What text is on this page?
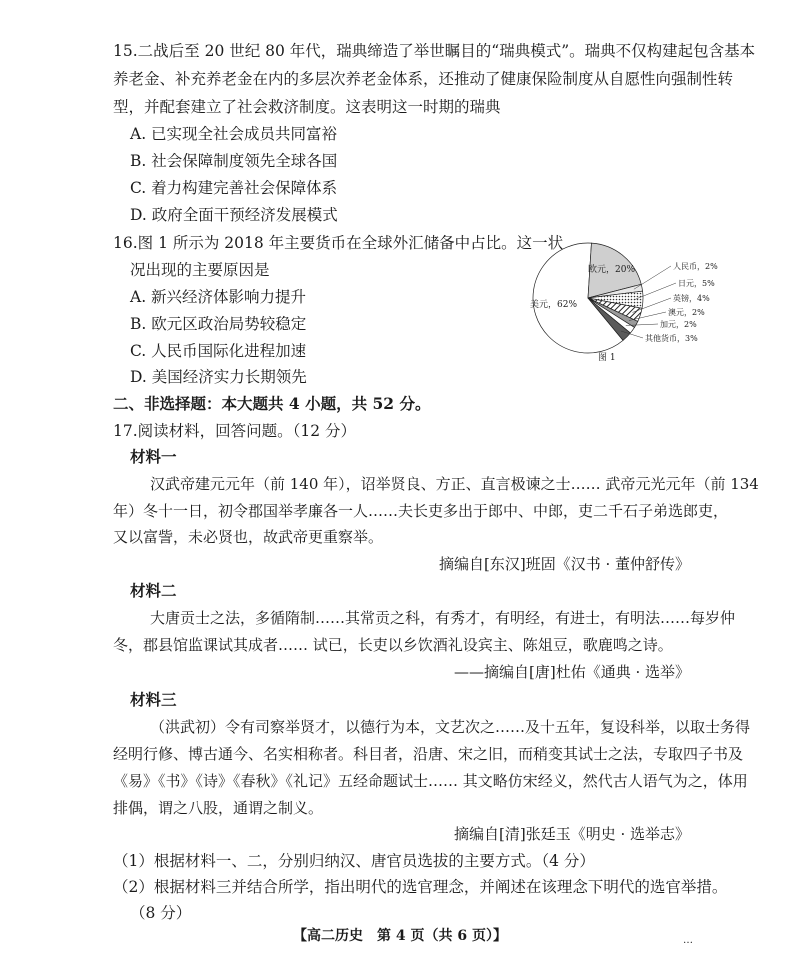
15.二战后至 20 世纪 80 年代，瑞典缔造了举世瞩目的“瑞典模式”。瑞典不仅构建起包含基本
养老金、补充养老金在内的多层次养老金体系，还推动了健康保险制度从自愿性向强制性转
型，并配套建立了社会救济制度。这表明这一时期的瑞典
A. 已实现全社会成员共同富裕
B. 社会保障制度领先全球各国
C. 着力构建完善社会保障体系
D. 政府全面干预经济发展模式
16.图 1 所示为 2018 年主要货币在全球外汇储备中占比。这一状
况出现的主要原因是
A. 新兴经济体影响力提升
B. 欧元区政治局势较稳定
C. 人民币国际化进程加速
D. 美国经济实力长期领先
美元，62%
欧元，20%	人民币，2%
日元，5%
英镑，4%
澳元，2%
加元，2%
其他货币，3%
图 1
二、非选择题：本大题共 4 小题，共 52 分。
17.阅读材料，回答问题。（12 分）
材料一
汉武帝建元元年（前 140 年），诏举贤良、方正、直言极谏之士…… 武帝元光元年（前 134
年）冬十一日，初令郡国举孝廉各一人……夫长吏多出于郎中、中郎，吏二千石子弟选郎吏，
又以富訾，未必贤也，故武帝更重察举。
摘编自[东汉]班固《汉书 · 董仲舒传》
材料二
大唐贡士之法，多循隋制……其常贡之科，有秀才，有明经，有进士，有明法……每岁仲
冬，郡县馆监课试其成者…… 试已，长吏以乡饮酒礼设宾主、陈俎豆，歌鹿鸣之诗。
——摘编自[唐]杜佑《通典 · 选举》
材料三
（洪武初）令有司察举贤才，以德行为本，文艺次之……及十五年，复设科举，以取士务得
经明行修、博古通今、名实相称者。科目者，沿唐、宋之旧，而稍变其试士之法，专取四子书及
《易》《书》《诗》《春秋》《礼记》五经命题试士…… 其文略仿宋经义，然代古人语气为之，体用
排偶，谓之八股，通谓之制义。
摘编自[清]张廷玉《明史 · 选举志》
（1）根据材料一、二，分别归纳汉、唐官员选拔的主要方式。（4 分）
（2）根据材料三并结合所学，指出明代的选官理念，并阐述在该理念下明代的选官举措。
（8 分）
【高二历史　第 4 页（共 6 页）】	…
